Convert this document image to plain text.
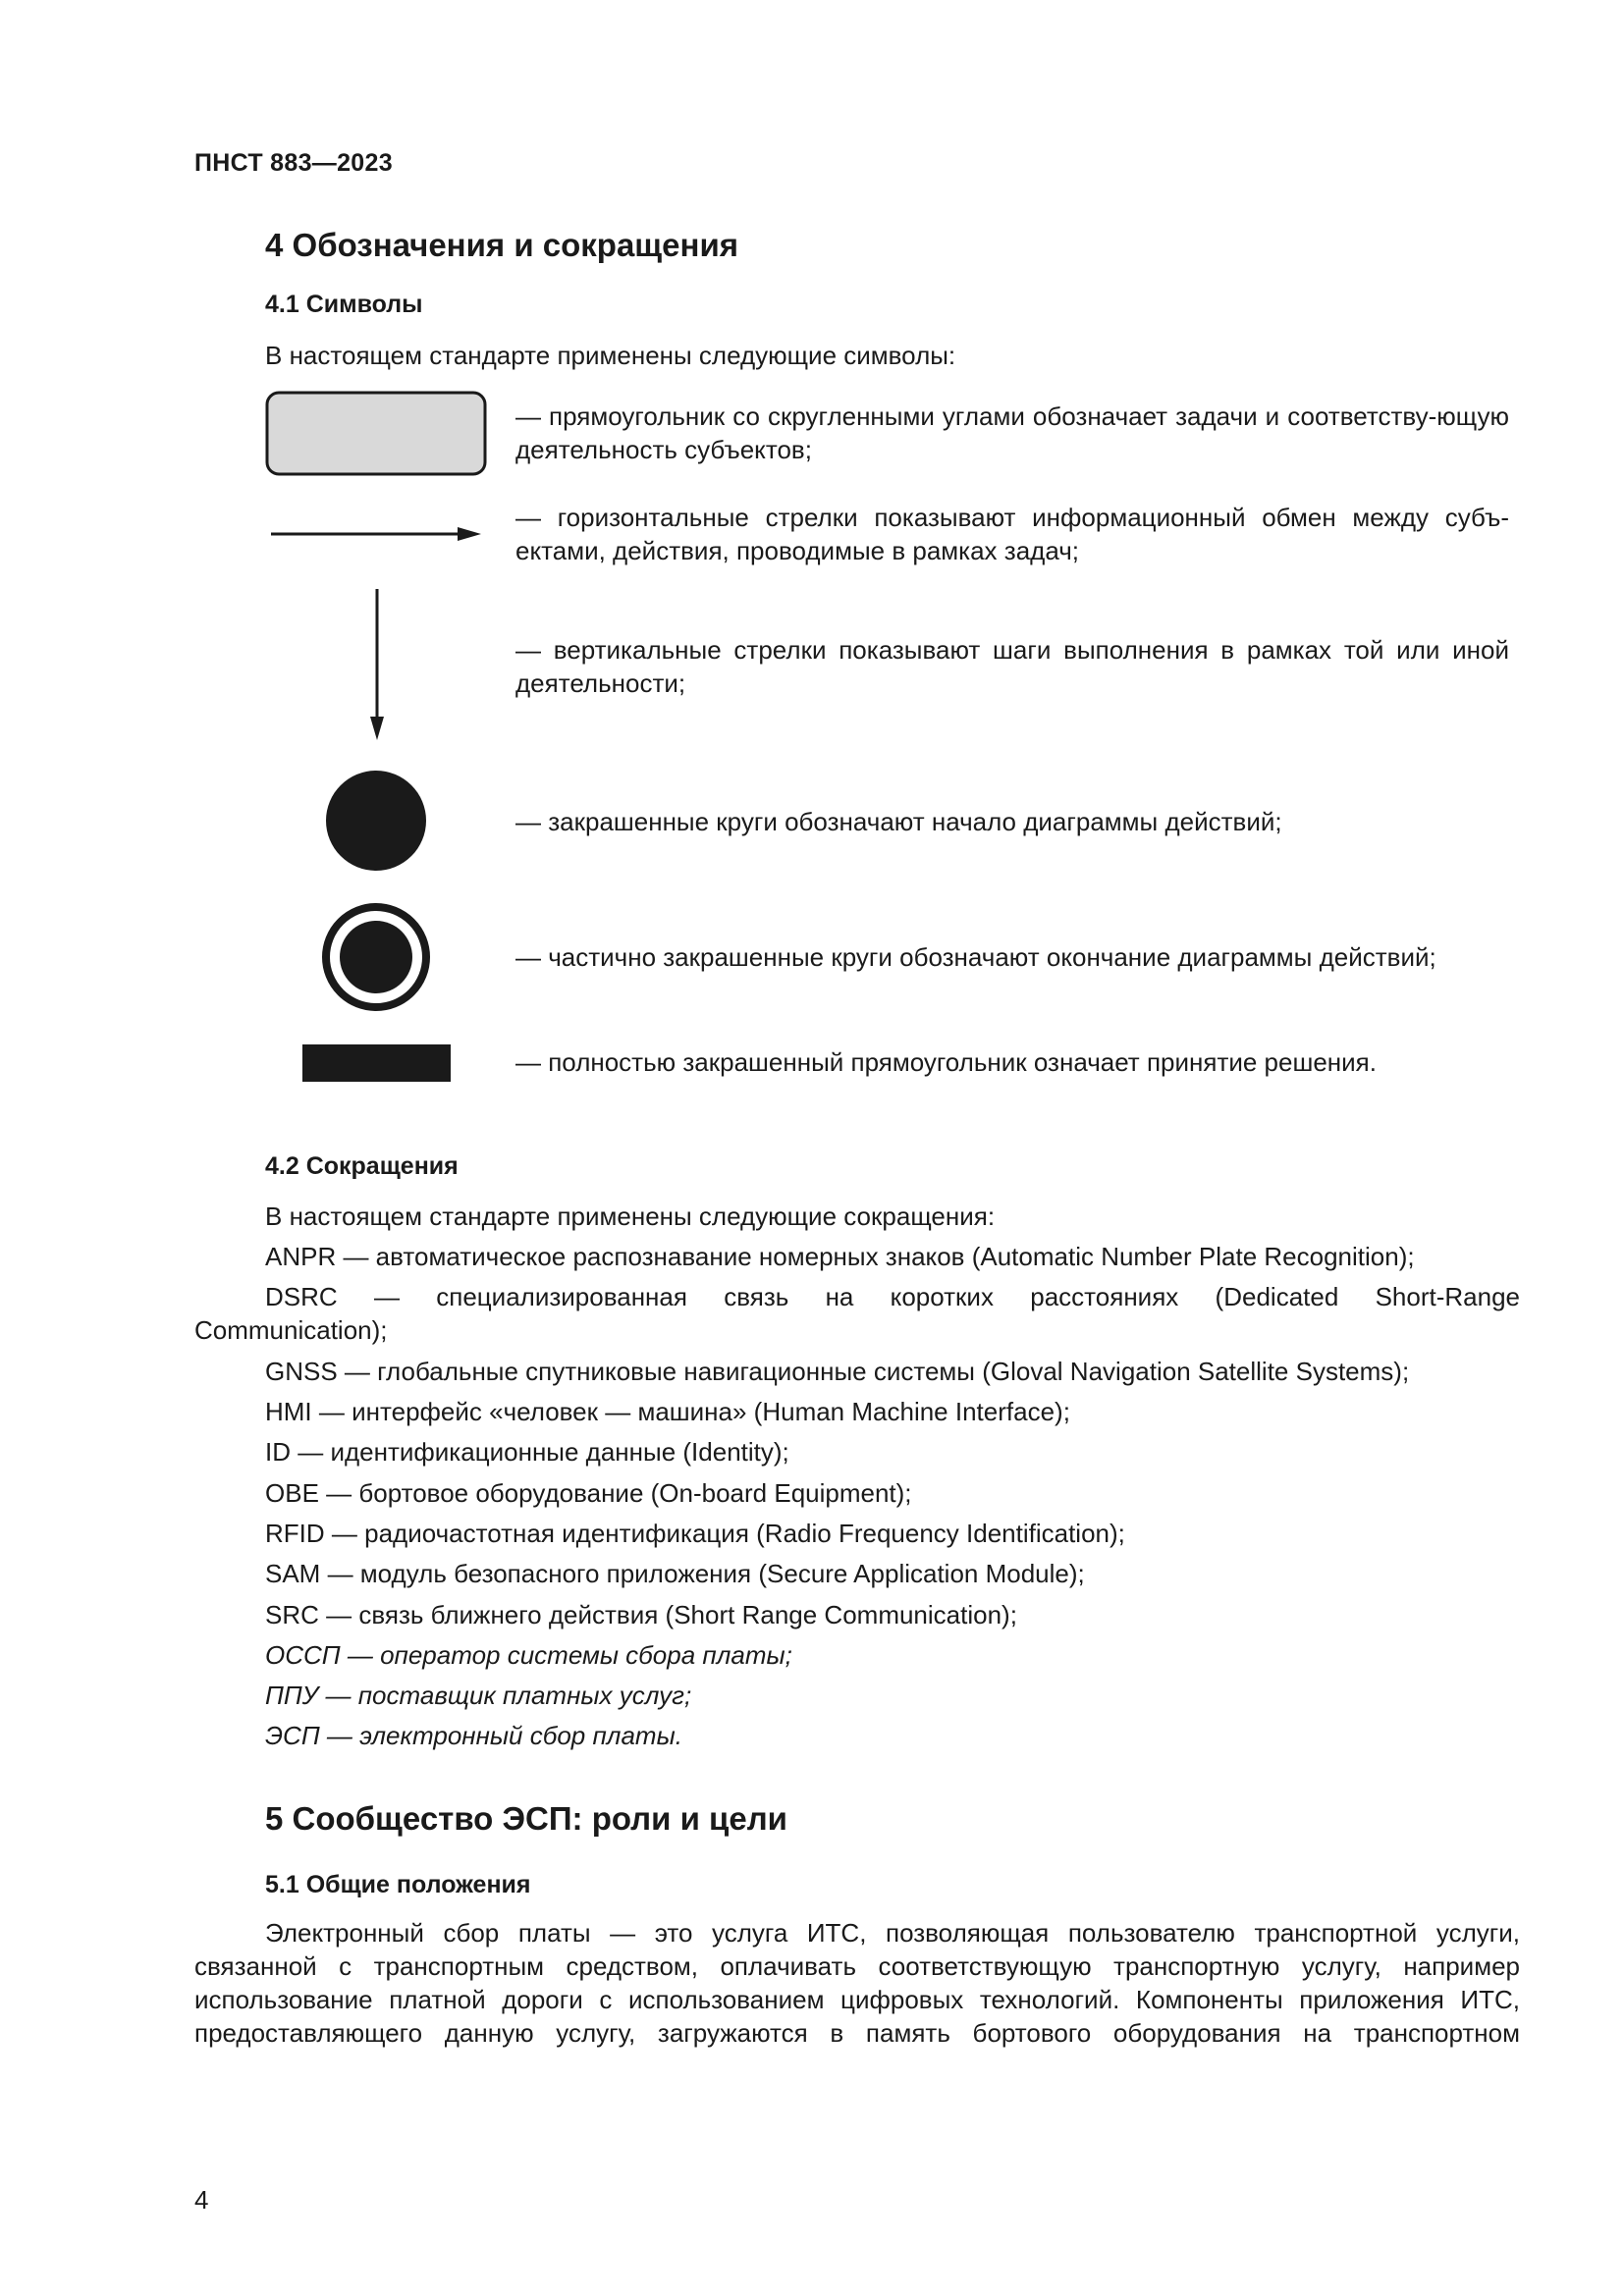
ПНСТ 883—2023
4 Обозначения и сокращения
4.1 Символы
В настоящем стандарте применены следующие символы:
— прямоугольник со скругленными углами обозначает задачи и соответству-ющую деятельность субъектов;
— горизонтальные стрелки показывают информационный обмен между субъ-ектами, действия, проводимые в рамках задач;
— вертикальные стрелки показывают шаги выполнения в рамках той или иной деятельности;
— закрашенные круги обозначают начало диаграммы действий;
— частично закрашенные круги обозначают окончание диаграммы действий;
— полностью закрашенный прямоугольник означает принятие решения.
4.2 Сокращения
В настоящем стандарте применены следующие сокращения:
ANPR — автоматическое распознавание номерных знаков (Automatic Number Plate Recognition);
DSRC — специализированная связь на коротких расстояниях (Dedicated Short-Range
Communication);
GNSS — глобальные спутниковые навигационные системы (Gloval Navigation Satellite Systems);
HMI — интерфейс «человек — машина» (Human Machine Interface);
ID — идентификационные данные (Identity);
OBE — бортовое оборудование (On-board Equipment);
RFID — радиочастотная идентификация (Radio Frequency Identification);
SAM — модуль безопасного приложения (Secure Application Module);
SRC — связь ближнего действия (Short Range Communication);
ОССП — оператор системы сбора платы;
ППУ — поставщик платных услуг;
ЭСП — электронный сбор платы.
5 Сообщество ЭСП: роли и цели
5.1 Общие положения
Электронный сбор платы — это услуга ИТС, позволяющая пользователю транспортной услуги,
связанной с транспортным средством, оплачивать соответствующую транспортную услугу, например
использование платной дороги с использованием цифровых технологий. Компоненты приложения ИТС,
предоставляющего данную услугу, загружаются в память бортового оборудования на транспортном
4
